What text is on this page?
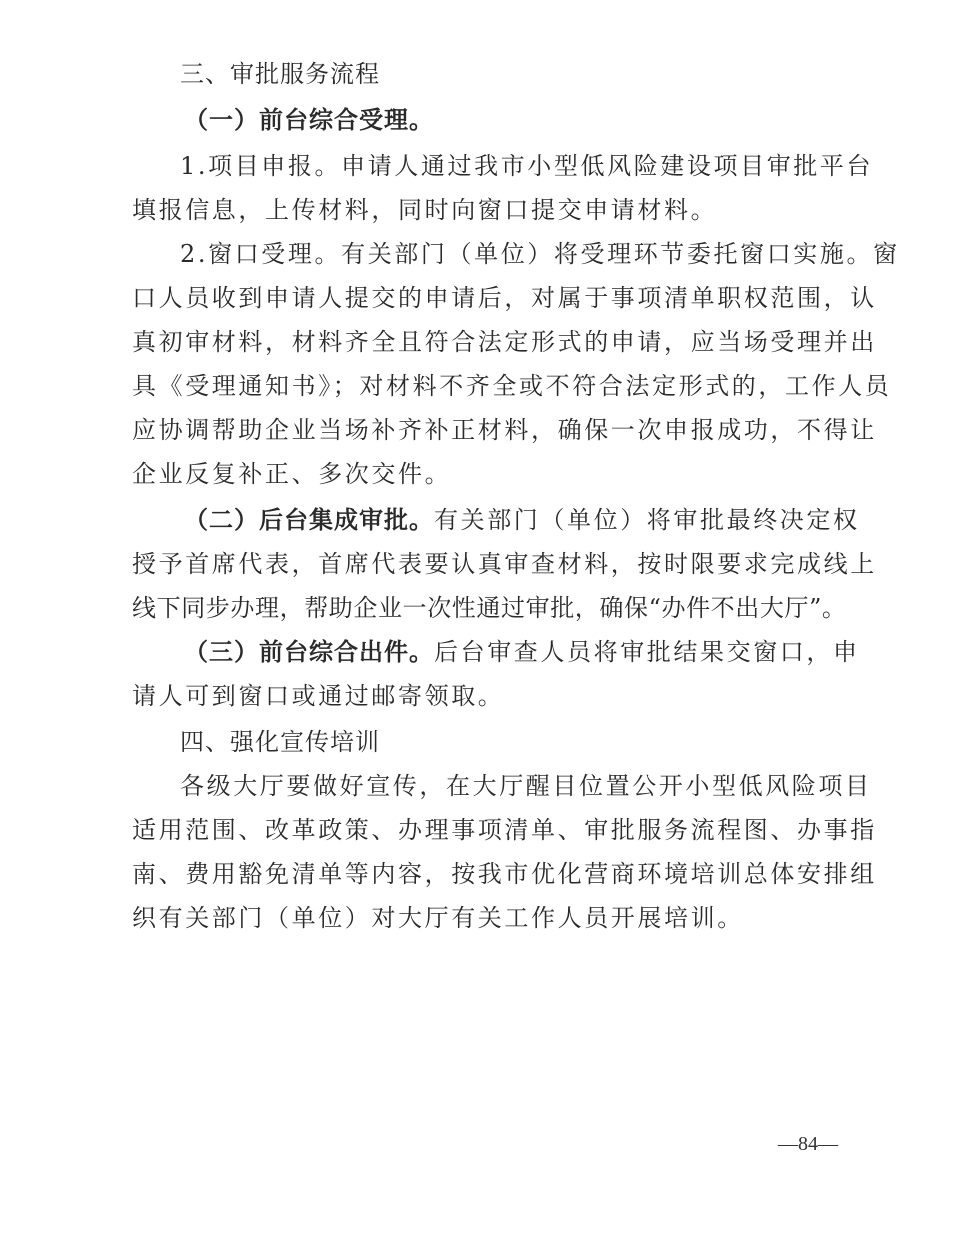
三、审批服务流程
（一）前台综合受理。
1.项目申报。申请人通过我市小型低风险建设项目审批平台
填报信息，上传材料，同时向窗口提交申请材料。
2.窗口受理。有关部门（单位）将受理环节委托窗口实施。窗
口人员收到申请人提交的申请后，对属于事项清单职权范围，认
真初审材料，材料齐全且符合法定形式的申请，应当场受理并出
具《受理通知书》；对材料不齐全或不符合法定形式的，工作人员
应协调帮助企业当场补齐补正材料，确保一次申报成功，不得让
企业反复补正、多次交件。
（二）后台集成审批。有关部门（单位）将审批最终决定权
授予首席代表，首席代表要认真审查材料，按时限要求完成线上
线下同步办理，帮助企业一次性通过审批，确保“办件不出大厅”。
（三）前台综合出件。后台审查人员将审批结果交窗口，申
请人可到窗口或通过邮寄领取。
四、强化宣传培训
各级大厅要做好宣传，在大厅醒目位置公开小型低风险项目
适用范围、改革政策、办理事项清单、审批服务流程图、办事指
南、费用豁免清单等内容，按我市优化营商环境培训总体安排组
织有关部门（单位）对大厅有关工作人员开展培训。
—84—
